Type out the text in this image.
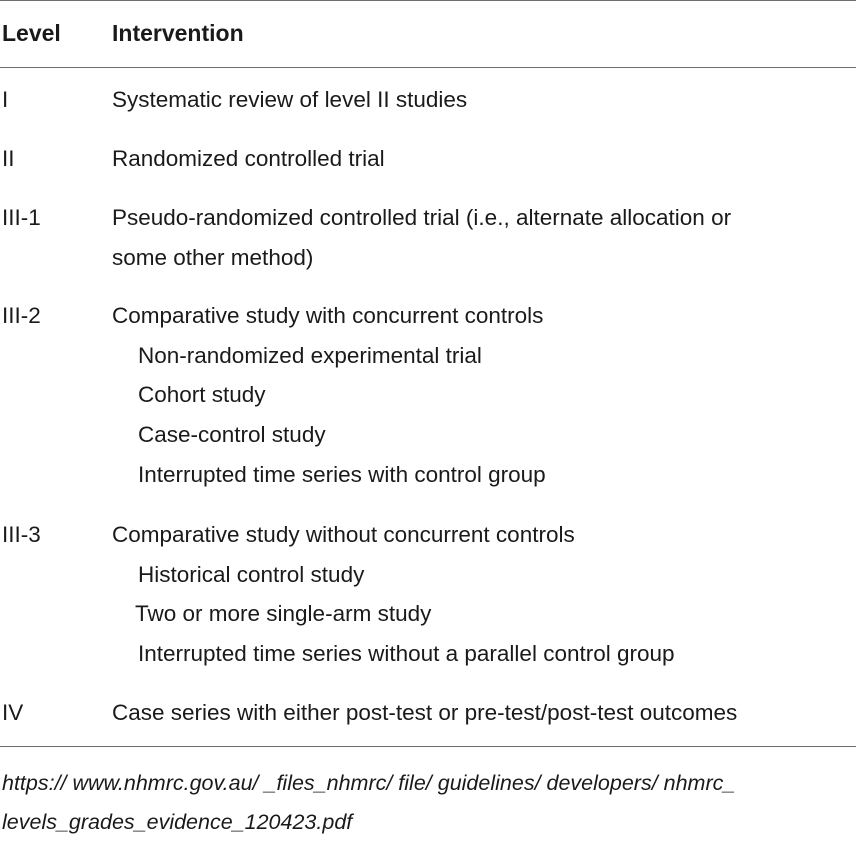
Level Intervention
I	Systematic review of level II studies
II	Randomized controlled trial
III-1	Pseudo-randomized controlled trial (i.e., alternate allocation or
some other method)
III-2	Comparative study with concurrent controls
Non-randomized experimental trial
Cohort study
Case-control study
Interrupted time series with control group
III-3	Comparative study without concurrent controls
Historical control study
Two or more single-arm study
Interrupted time series without a parallel control group
IV	Case series with either post-test or pre-test/post-test outcomes
https:// www.nhmrc.gov.au/ _files_nhmrc/ file/ guidelines/ developers/ nhmrc_
levels_grades_evidence_120423.pdf
